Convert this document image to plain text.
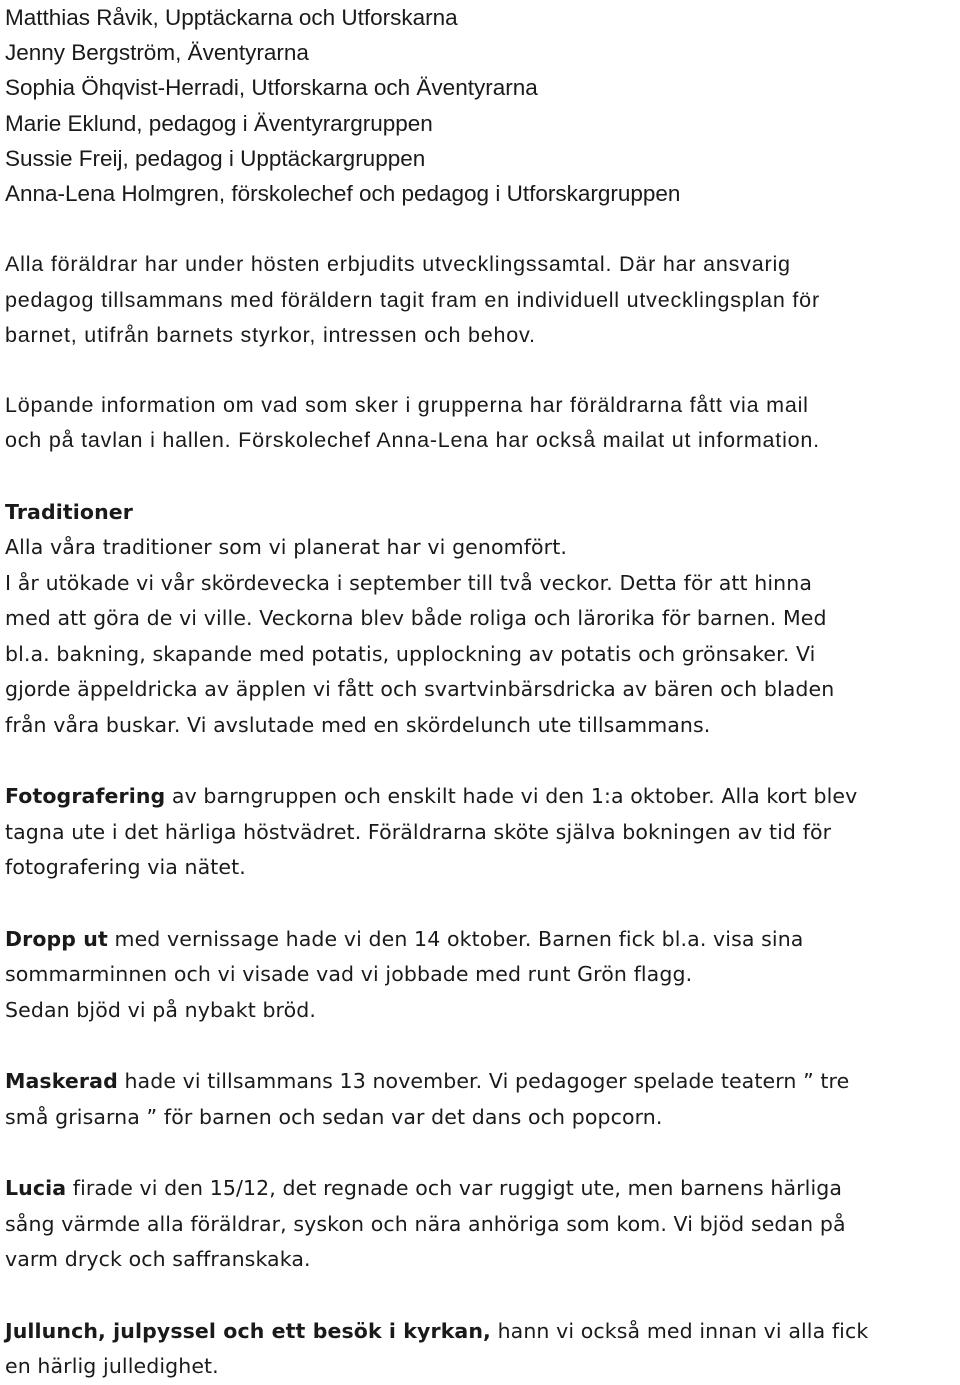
Matthias Råvik, Upptäckarna och Utforskarna
Jenny Bergström, Äventyrarna
Sophia Öhqvist-Herradi, Utforskarna och Äventyrarna
Marie Eklund, pedagog i Äventyrargruppen
Sussie Freij, pedagog i Upptäckargruppen
Anna-Lena Holmgren, förskolechef och pedagog i Utforskargruppen

Alla föräldrar har under hösten erbjudits utvecklingssamtal. Där har ansvarig
pedagog tillsammans med föräldern tagit fram en individuell utvecklingsplan för
barnet, utifrån barnets styrkor, intressen och behov.

Löpande information om vad som sker i grupperna har föräldrarna fått via mail
och på tavlan i hallen. Förskolechef Anna-Lena har också mailat ut information.

Traditioner
Alla våra traditioner som vi planerat har vi genomfört.
I år utökade vi vår skördevecka i september till två veckor. Detta för att hinna
med att göra de vi ville. Veckorna blev både roliga och lärorika för barnen. Med
bl.a. bakning, skapande med potatis, upplockning av potatis och grönsaker. Vi
gjorde äppeldricka av äpplen vi fått och svartvinbärsdricka av bären och bladen
från våra buskar. Vi avslutade med en skördelunch ute tillsammans.

Fotografering av barngruppen och enskilt hade vi den 1:a oktober. Alla kort blev
tagna ute i det härliga höstvädret. Föräldrarna sköte själva bokningen av tid för
fotografering via nätet.

Dropp ut med vernissage hade vi den 14 oktober. Barnen fick bl.a. visa sina
sommarminnen och vi visade vad vi jobbade med runt Grön flagg.
Sedan bjöd vi på nybakt bröd.

Maskerad hade vi tillsammans 13 november. Vi pedagoger spelade teatern ” tre
små grisarna ” för barnen och sedan var det dans och popcorn.

Lucia firade vi den 15/12, det regnade och var ruggigt ute, men barnens härliga
sång värmde alla föräldrar, syskon och nära anhöriga som kom. Vi bjöd sedan på
varm dryck och saffranskaka.

Jullunch, julpyssel och ett besök i kyrkan, hann vi också med innan vi alla fick
en härlig julledighet.
